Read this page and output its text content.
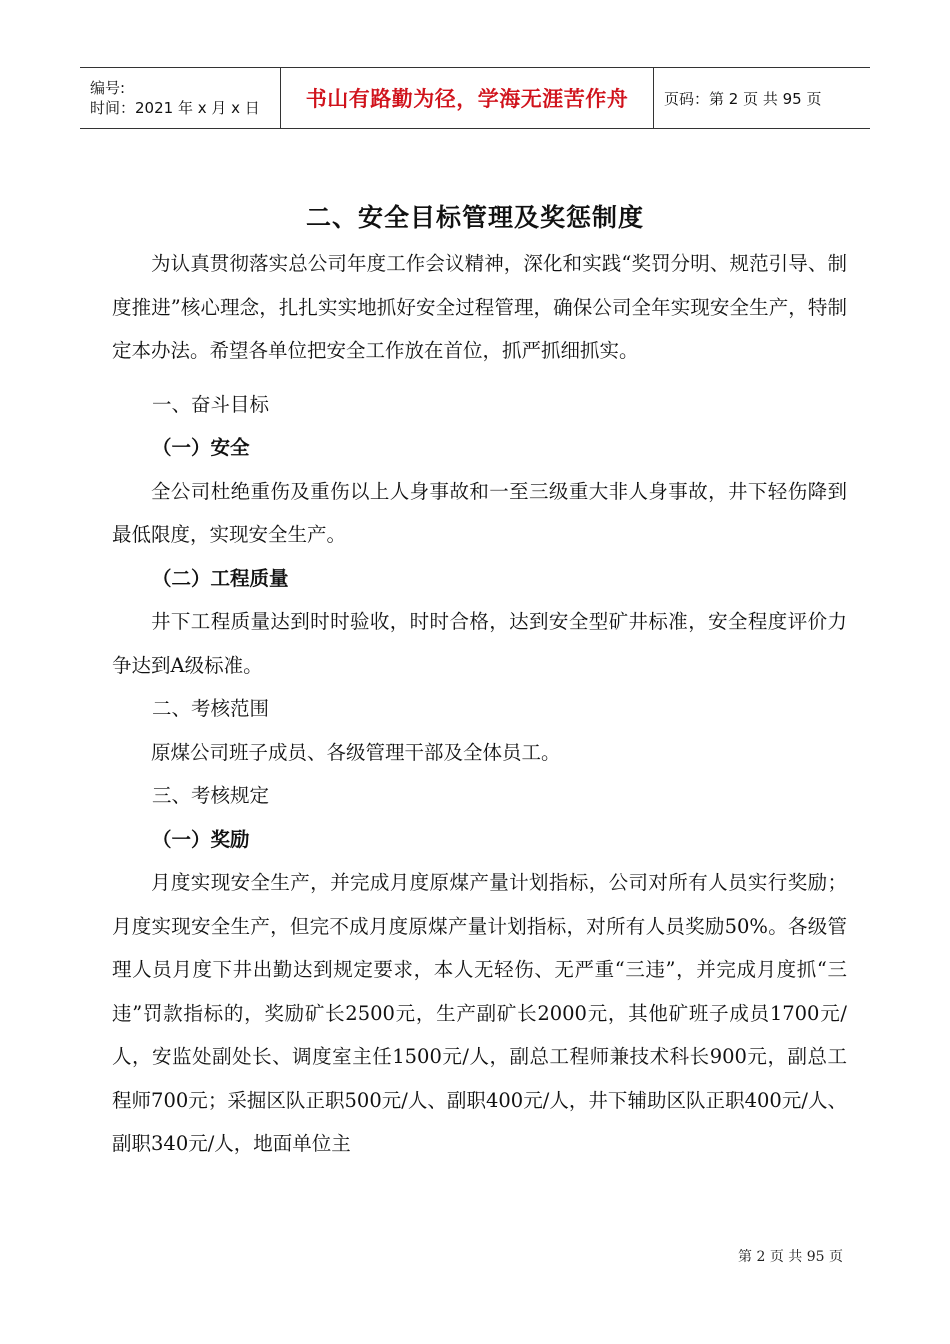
编号:
时间：2021 年 x 月 x 日	书山有路勤为径，学海无涯苦作舟 页码：第 2 页 共 95 页
二、安全目标管理及奖惩制度

为认真贯彻落实总公司年度工作会议精神，深化和实践“奖罚分明、规范引导、制度推进”核心理念，扎扎实实地抓好安全过程管理，确保公司全年实现安全生产，特制定本办法。希望各单位把安全工作放在首位，抓严抓细抓实。

一、奋斗目标

（一）安全

全公司杜绝重伤及重伤以上人身事故和一至三级重大非人身事故，井下轻伤降到最低限度，实现安全生产。

（二）工程质量

井下工程质量达到时时验收，时时合格，达到安全型矿井标准，安全程度评价力争达到A级标准。

二、考核范围

原煤公司班子成员、各级管理干部及全体员工。

三、考核规定

（一）奖励

月度实现安全生产，并完成月度原煤产量计划指标，公司对所有人员实行奖励；月度实现安全生产，但完不成月度原煤产量计划指标，对所有人员奖励50%。各级管理人员月度下井出勤达到规定要求，本人无轻伤、无严重“三违”，并完成月度抓“三违”罚款指标的，奖励矿长2500元，生产副矿长2000元，其他矿班子成员1700元/人，安监处副处长、调度室主任1500元/人，副总工程师兼技术科长900元，副总工程师700元；采掘区队正职500元/人、副职400元/人，井下辅助区队正职400元/人、副职340元/人，地面单位主

第 2 页 共 95 页
